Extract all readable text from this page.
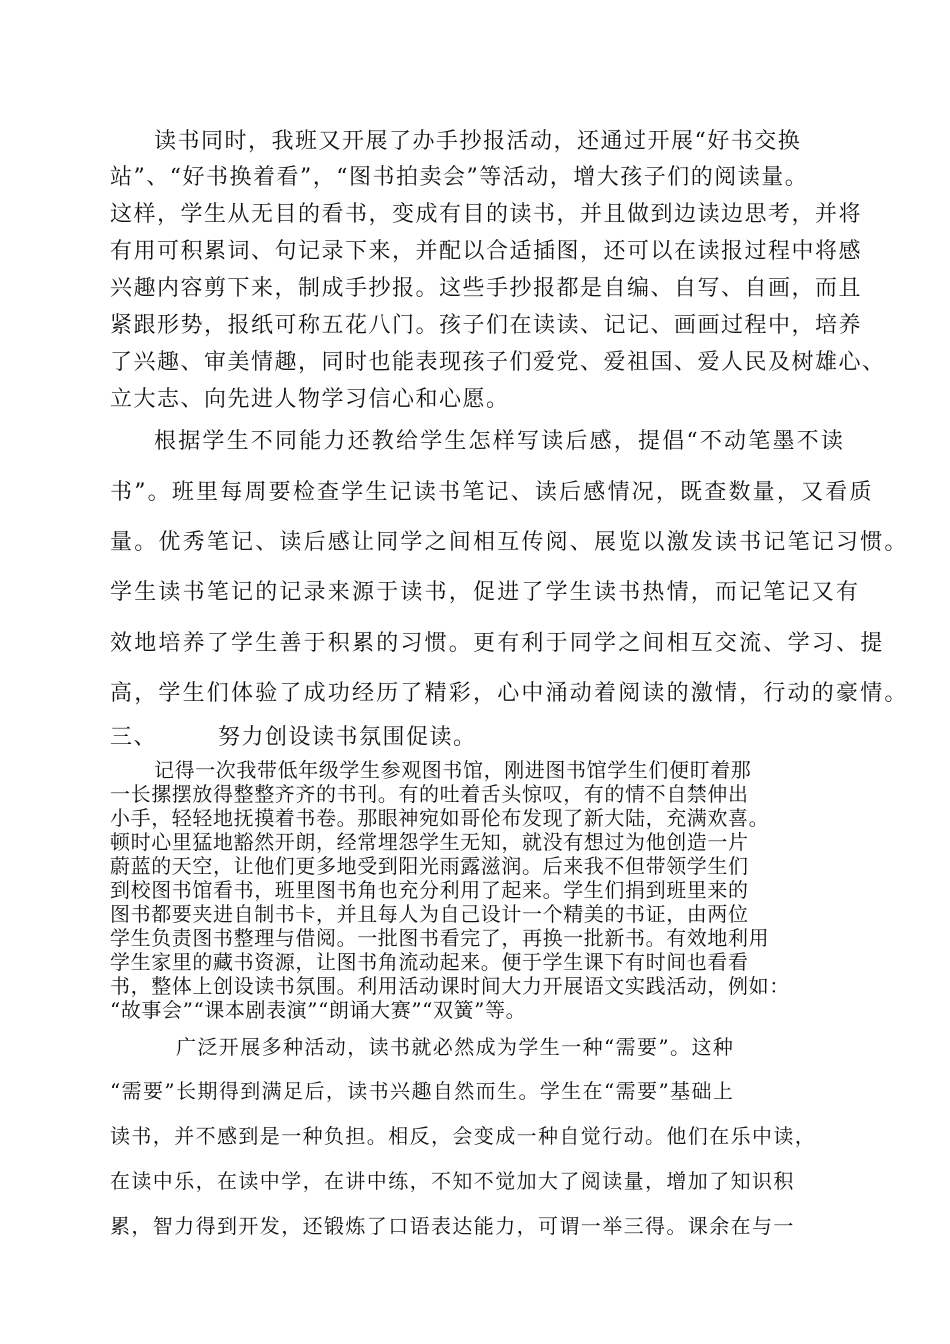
读书同时，我班又开展了办手抄报活动，还通过开展“好书交换

站”、“好书换着看”，“图书拍卖会”等活动，增大孩子们的阅读量。

这样，学生从无目的看书，变成有目的读书，并且做到边读边思考，并将

有用可积累词、句记录下来，并配以合适插图，还可以在读报过程中将感

兴趣内容剪下来，制成手抄报。这些手抄报都是自编、自写、自画，而且

紧跟形势，报纸可称五花八门。孩子们在读读、记记、画画过程中，培养

了兴趣、审美情趣，同时也能表现孩子们爱党、爱祖国、爱人民及树雄心、

立大志、向先进人物学习信心和心愿。

根据学生不同能力还教给学生怎样写读后感，提倡“不动笔墨不读

书”。班里每周要检查学生记读书笔记、读后感情况，既查数量，又看质

量。优秀笔记、读后感让同学之间相互传阅、展览以激发读书记笔记习惯。

学生读书笔记的记录来源于读书，促进了学生读书热情，而记笔记又有

效地培养了学生善于积累的习惯。更有利于同学之间相互交流、学习、提

高，学生们体验了成功经历了精彩，心中涌动着阅读的激情，行动的豪情。

三、	努力创设读书氛围促读。

记得一次我带低年级学生参观图书馆，刚进图书馆学生们便盯着那

一长摞摆放得整整齐齐的书刊。有的吐着舌头惊叹，有的情不自禁伸出

小手，轻轻地抚摸着书卷。那眼神宛如哥伦布发现了新大陆，充满欢喜。

顿时心里猛地豁然开朗，经常埋怨学生无知，就没有想过为他创造一片

蔚蓝的天空，让他们更多地受到阳光雨露滋润。后来我不但带领学生们

到校图书馆看书，班里图书角也充分利用了起来。学生们捐到班里来的

图书都要夹进自制书卡，并且每人为自己设计一个精美的书证，由两位

学生负责图书整理与借阅。一批图书看完了，再换一批新书。有效地利用

学生家里的藏书资源，让图书角流动起来。便于学生课下有时间也看看

书，整体上创设读书氛围。利用活动课时间大力开展语文实践活动，例如：

“故事会”“课本剧表演”“朗诵大赛”“双簧”等。

广泛开展多种活动，读书就必然成为学生一种“需要”。这种

“需要”长期得到满足后，读书兴趣自然而生。学生在“需要”基础上

读书，并不感到是一种负担。相反，会变成一种自觉行动。他们在乐中读，

在读中乐，在读中学，在讲中练，不知不觉加大了阅读量，增加了知识积

累，智力得到开发，还锻炼了口语表达能力，可谓一举三得。课余在与一
